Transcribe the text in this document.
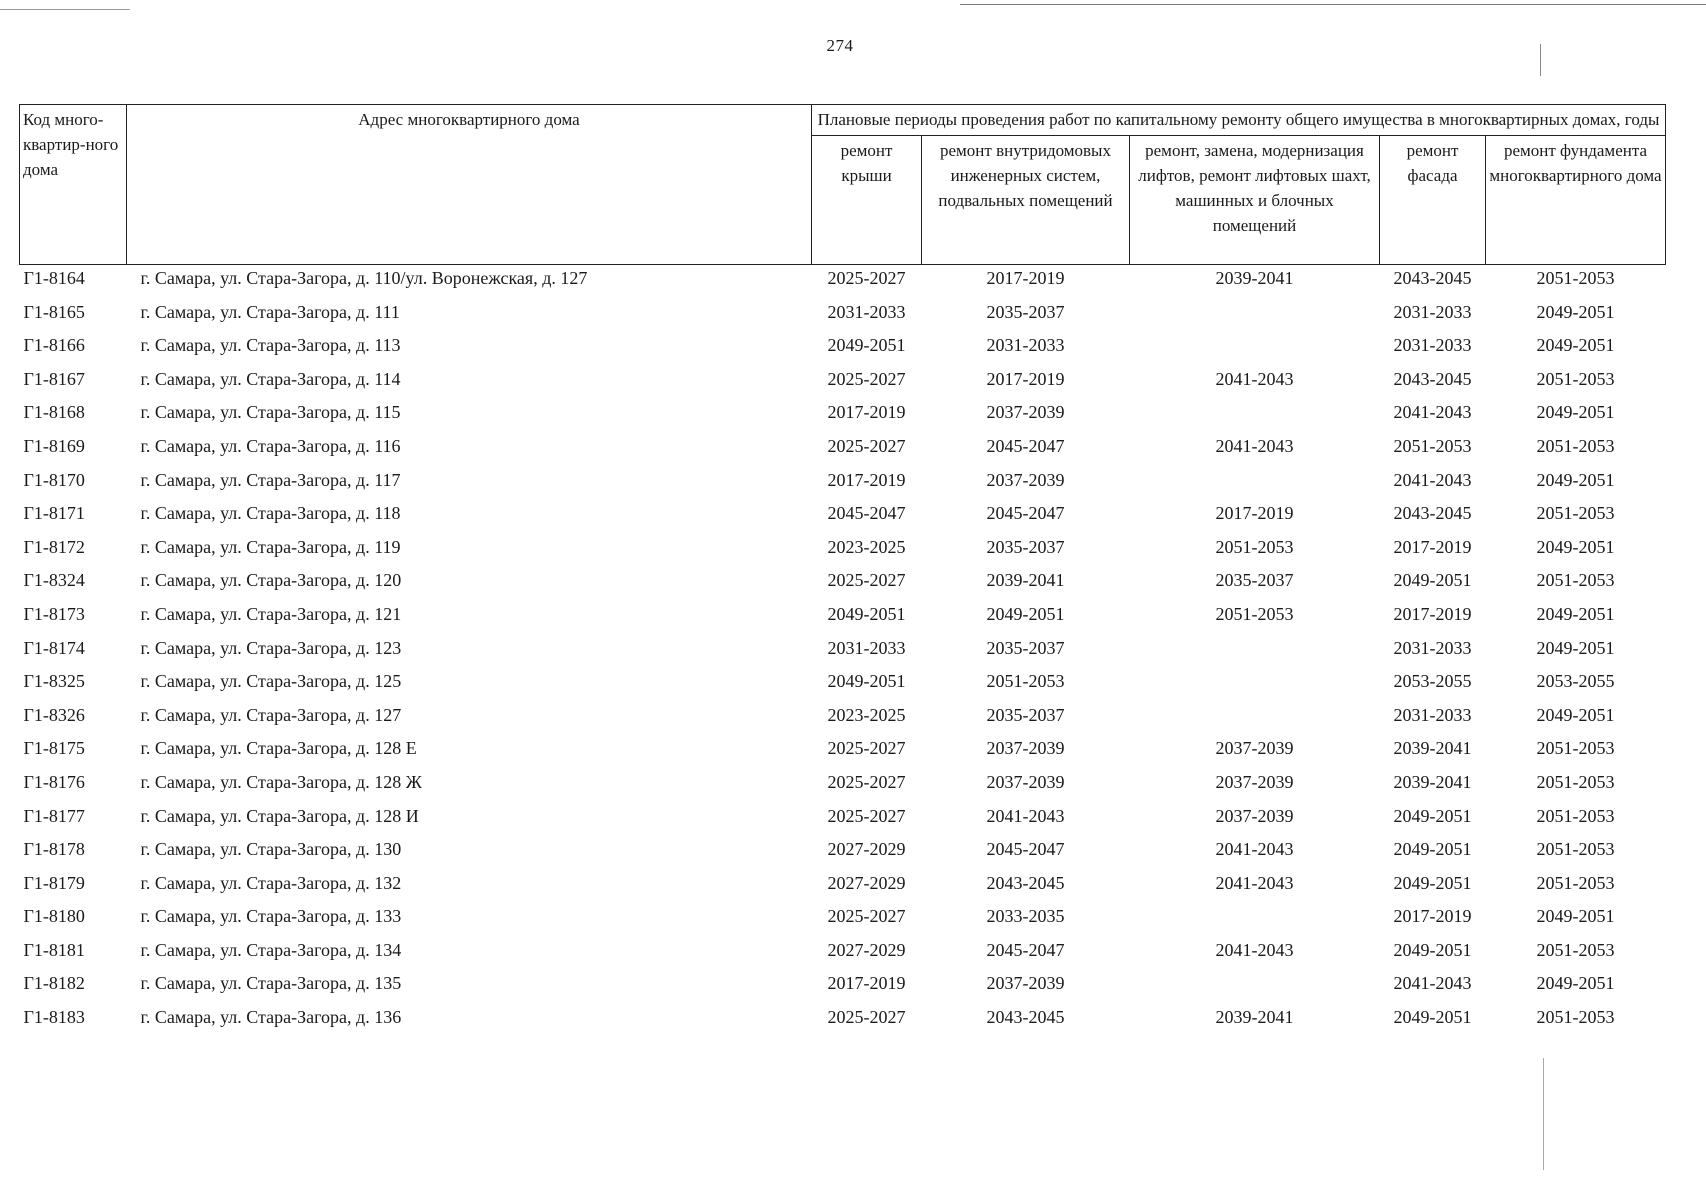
274
Код много-квартир-ного дома	Адрес многоквартирного дома	Плановые периоды проведения работ по капитальному ремонту общего имущества в многоквартирных домах, годы				
		ремонт крыши	ремонт внутридомовых инженерных систем, подвальных помещений	ремонт, замена, модернизация лифтов, ремонт лифтовых шахт, машинных и блочных помещений	ремонт фасада	ремонт фундамента многоквартирного дома
Г1-8164	г. Самара, ул. Стара-Загора, д. 110/ул. Воронежская, д. 127	2025-2027	2017-2019	2039-2041	2043-2045	2051-2053
Г1-8165	г. Самара, ул. Стара-Загора, д. 111	2031-2033	2035-2037		2031-2033	2049-2051
Г1-8166	г. Самара, ул. Стара-Загора, д. 113	2049-2051	2031-2033		2031-2033	2049-2051
Г1-8167	г. Самара, ул. Стара-Загора, д. 114	2025-2027	2017-2019	2041-2043	2043-2045	2051-2053
Г1-8168	г. Самара, ул. Стара-Загора, д. 115	2017-2019	2037-2039		2041-2043	2049-2051
Г1-8169	г. Самара, ул. Стара-Загора, д. 116	2025-2027	2045-2047	2041-2043	2051-2053	2051-2053
Г1-8170	г. Самара, ул. Стара-Загора, д. 117	2017-2019	2037-2039		2041-2043	2049-2051
Г1-8171	г. Самара, ул. Стара-Загора, д. 118	2045-2047	2045-2047	2017-2019	2043-2045	2051-2053
Г1-8172	г. Самара, ул. Стара-Загора, д. 119	2023-2025	2035-2037	2051-2053	2017-2019	2049-2051
Г1-8324	г. Самара, ул. Стара-Загора, д. 120	2025-2027	2039-2041	2035-2037	2049-2051	2051-2053
Г1-8173	г. Самара, ул. Стара-Загора, д. 121	2049-2051	2049-2051	2051-2053	2017-2019	2049-2051
Г1-8174	г. Самара, ул. Стара-Загора, д. 123	2031-2033	2035-2037		2031-2033	2049-2051
Г1-8325	г. Самара, ул. Стара-Загора, д. 125	2049-2051	2051-2053		2053-2055	2053-2055
Г1-8326	г. Самара, ул. Стара-Загора, д. 127	2023-2025	2035-2037		2031-2033	2049-2051
Г1-8175	г. Самара, ул. Стара-Загора, д. 128 Е	2025-2027	2037-2039	2037-2039	2039-2041	2051-2053
Г1-8176	г. Самара, ул. Стара-Загора, д. 128 Ж	2025-2027	2037-2039	2037-2039	2039-2041	2051-2053
Г1-8177	г. Самара, ул. Стара-Загора, д. 128 И	2025-2027	2041-2043	2037-2039	2049-2051	2051-2053
Г1-8178	г. Самара, ул. Стара-Загора, д. 130	2027-2029	2045-2047	2041-2043	2049-2051	2051-2053
Г1-8179	г. Самара, ул. Стара-Загора, д. 132	2027-2029	2043-2045	2041-2043	2049-2051	2051-2053
Г1-8180	г. Самара, ул. Стара-Загора, д. 133	2025-2027	2033-2035		2017-2019	2049-2051
Г1-8181	г. Самара, ул. Стара-Загора, д. 134	2027-2029	2045-2047	2041-2043	2049-2051	2051-2053
Г1-8182	г. Самара, ул. Стара-Загора, д. 135	2017-2019	2037-2039		2041-2043	2049-2051
Г1-8183	г. Самара, ул. Стара-Загора, д. 136	2025-2027	2043-2045	2039-2041	2049-2051	2051-2053
